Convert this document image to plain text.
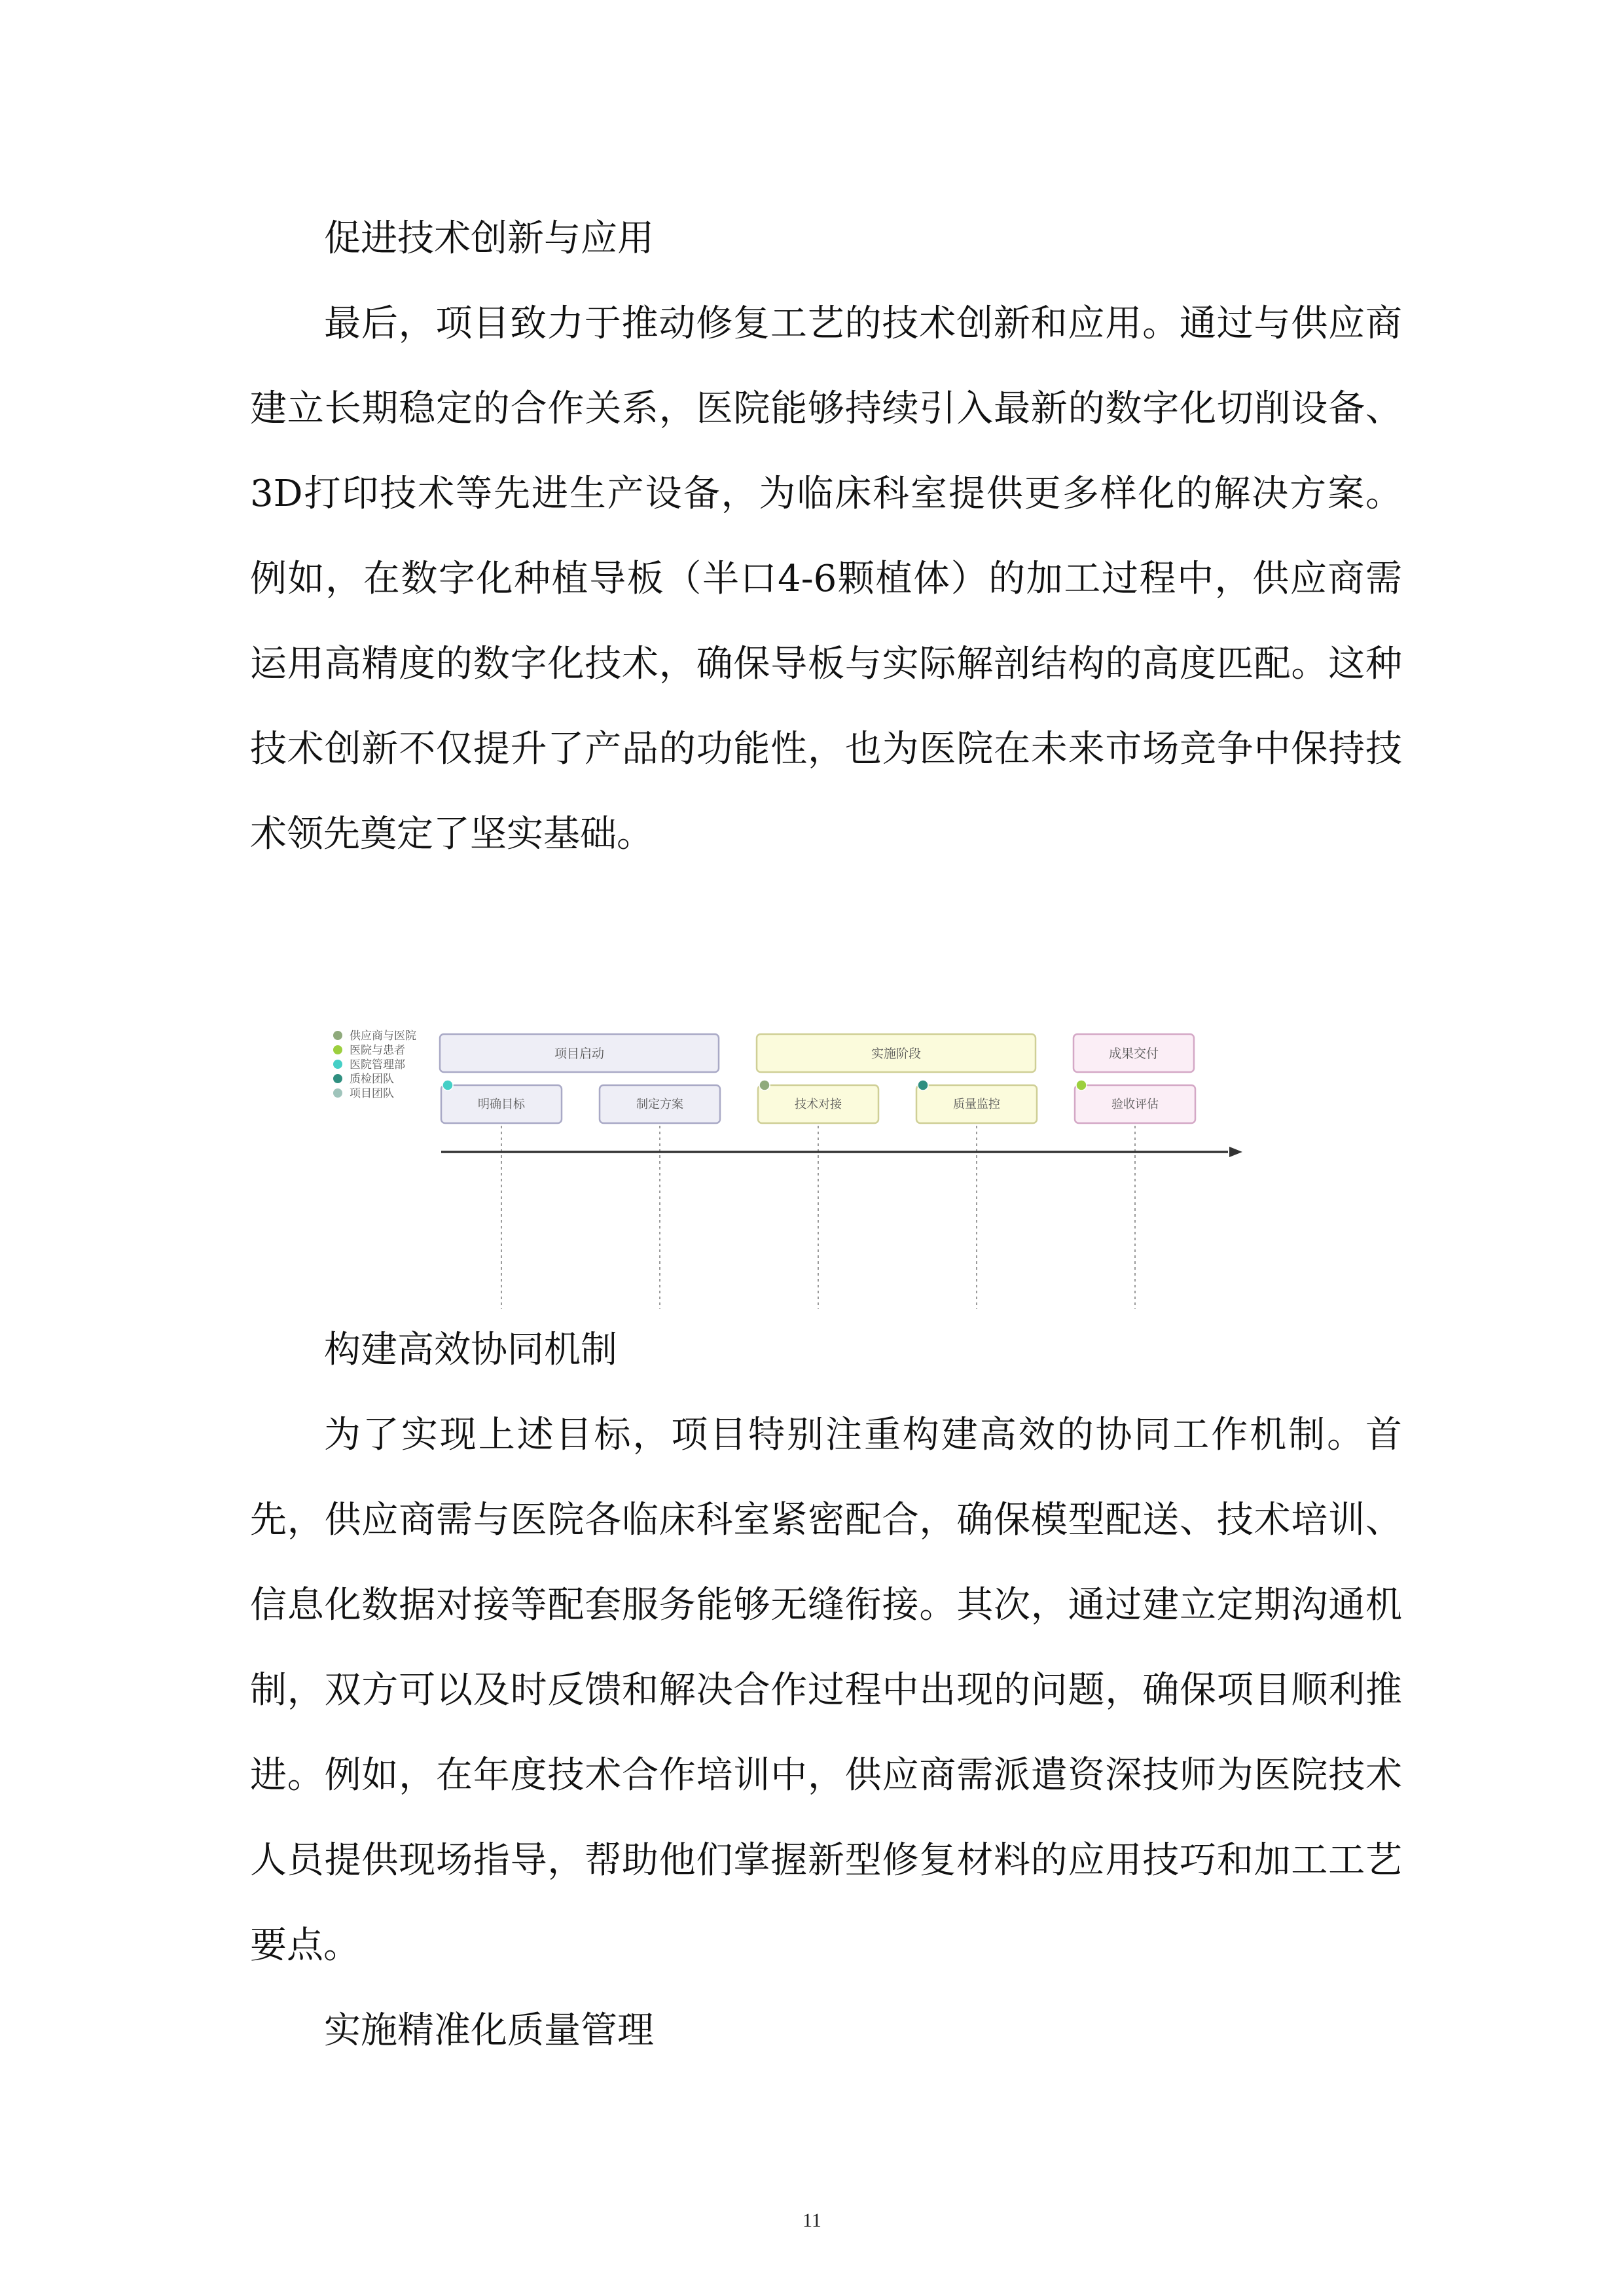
促进技术创新与应用

最后，项目致力于推动修复工艺的技术创新和应用。通过与供应商建立长期稳定的合作关系，医院能够持续引入最新的数字化切削设备、3D打印技术等先进生产设备，为临床科室提供更多样化的解决方案。例如，在数字化种植导板（半口4-6颗植体）的加工过程中，供应商需运用高精度的数字化技术，确保导板与实际解剖结构的高度匹配。这种技术创新不仅提升了产品的功能性，也为医院在未来市场竞争中保持技术领先奠定了坚实基础。

供应商与医院
医院与患者
医院管理部
质检团队
项目团队
项目启动	实施阶段	成果交付
明确目标	制定方案	技术对接	质量监控	验收评估
构建高效协同机制

为了实现上述目标，项目特别注重构建高效的协同工作机制。首先，供应商需与医院各临床科室紧密配合，确保模型配送、技术培训、信息化数据对接等配套服务能够无缝衔接。其次，通过建立定期沟通机制，双方可以及时反馈和解决合作过程中出现的问题，确保项目顺利推进。例如，在年度技术合作培训中，供应商需派遣资深技师为医院技术人员提供现场指导，帮助他们掌握新型修复材料的应用技巧和加工工艺要点。

实施精准化质量管理
11
